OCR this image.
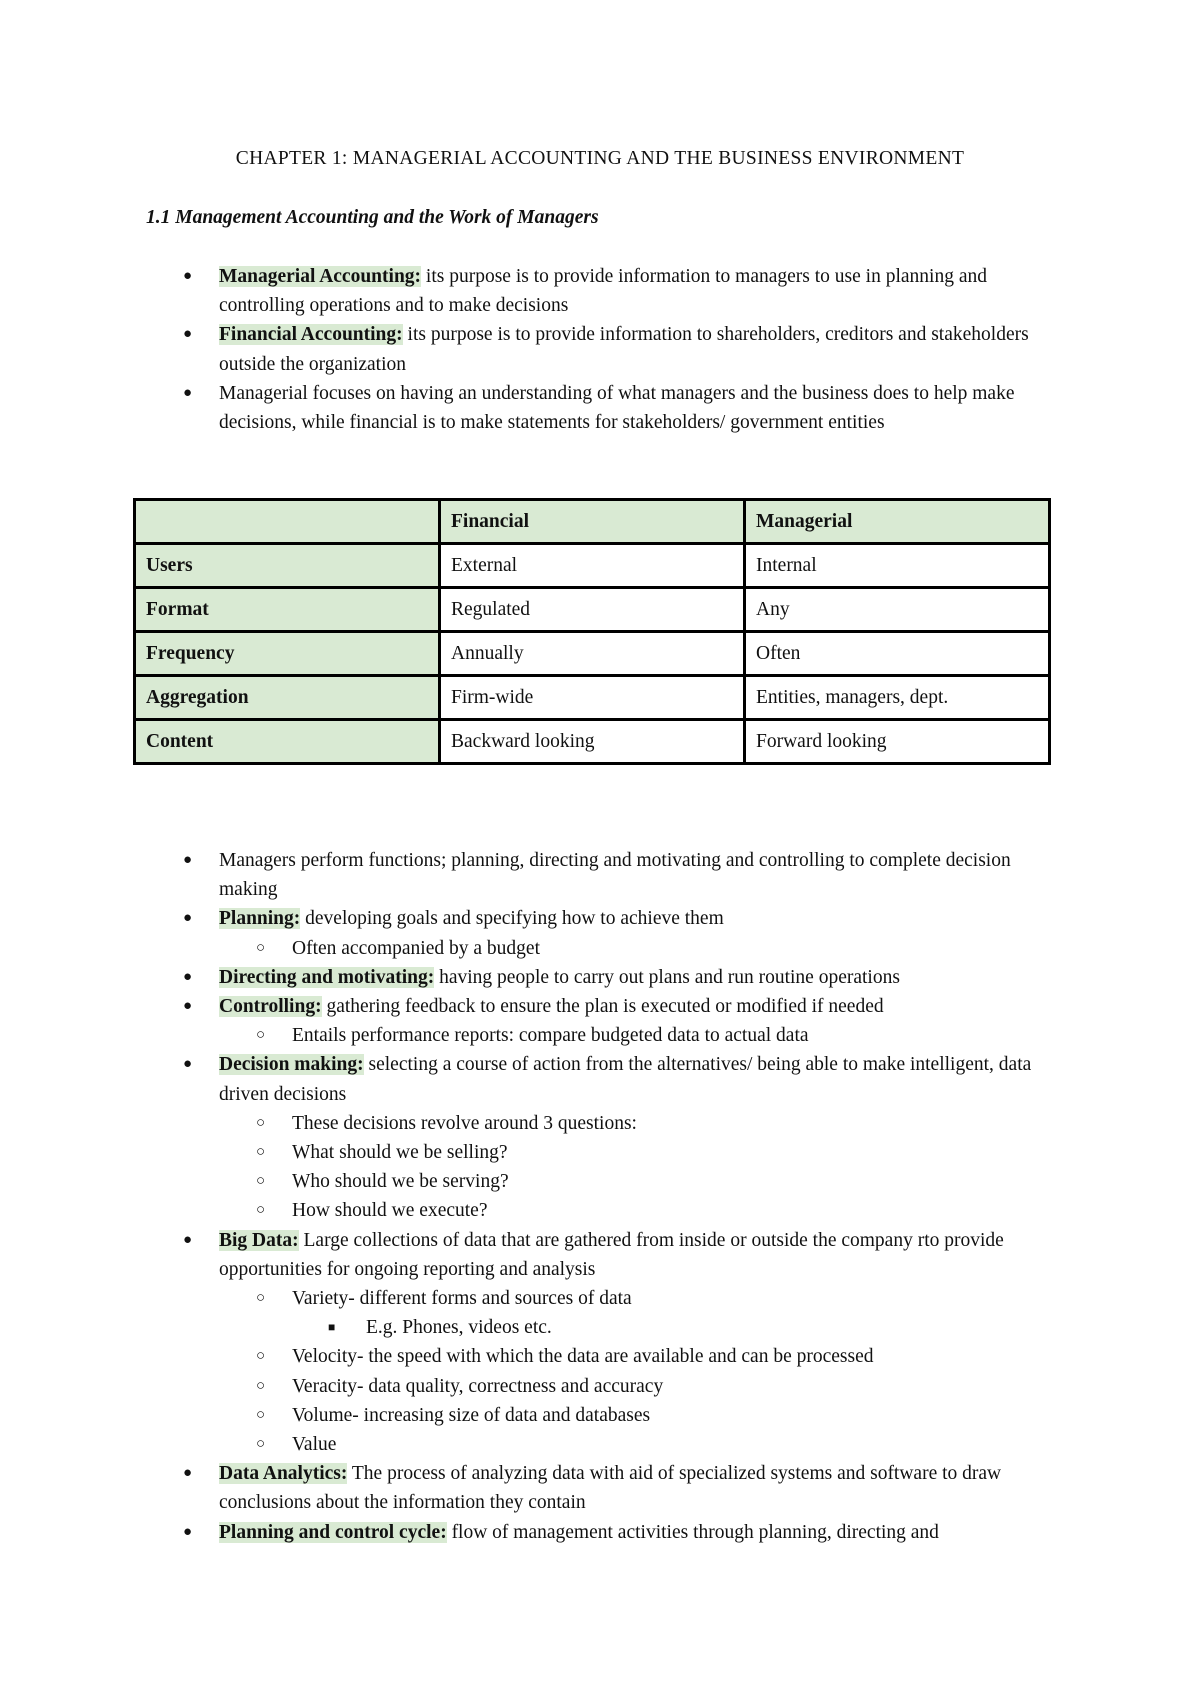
CHAPTER 1: MANAGERIAL ACCOUNTING AND THE BUSINESS ENVIRONMENT
1.1 Management Accounting and the Work of Managers
● Managerial Accounting: its purpose is to provide information to managers to use in planning and controlling operations and to make decisions
● Financial Accounting: its purpose is to provide information to shareholders, creditors and stakeholders outside the organization
● Managerial focuses on having an understanding of what managers and the business does to help make decisions, while financial is to make statements for stakeholders/ government entities
	Financial	Managerial
Users	External	Internal
Format	Regulated	Any
Frequency	Annually	Often
Aggregation	Firm-wide	Entities, managers, dept.
Content	Backward looking	Forward looking
● Managers perform functions; planning, directing and motivating and controlling to complete decision making
● Planning: developing goals and specifying how to achieve them
○ Often accompanied by a budget
● Directing and motivating: having people to carry out plans and run routine operations
● Controlling: gathering feedback to ensure the plan is executed or modified if needed
○ Entails performance reports: compare budgeted data to actual data
● Decision making: selecting a course of action from the alternatives/ being able to make intelligent, data driven decisions
○ These decisions revolve around 3 questions:
○ What should we be selling?
○ Who should we be serving?
○ How should we execute?
● Big Data: Large collections of data that are gathered from inside or outside the company rto provide opportunities for ongoing reporting and analysis
○ Variety- different forms and sources of data
■ E.g. Phones, videos etc.
○ Velocity- the speed with which the data are available and can be processed
○ Veracity- data quality, correctness and accuracy
○ Volume- increasing size of data and databases
○ Value
● Data Analytics: The process of analyzing data with aid of specialized systems and software to draw conclusions about the information they contain
● Planning and control cycle: flow of management activities through planning, directing and
